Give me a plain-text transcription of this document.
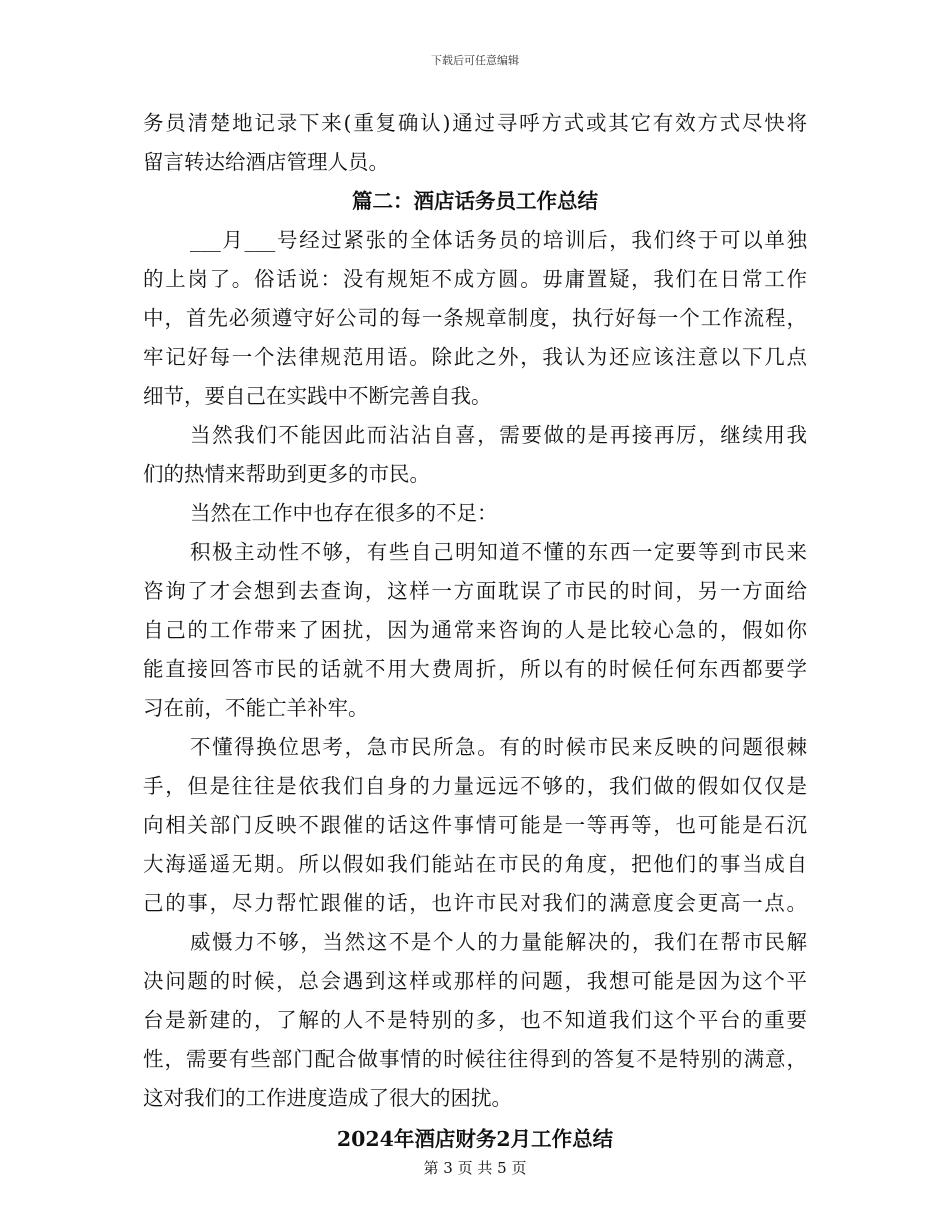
下载后可任意编辑
务员清楚地记录下来(重复确认)通过寻呼方式或其它有效方式尽快将
留言转达给酒店管理人员。
篇二：酒店话务员工作总结
___月___号经过紧张的全体话务员的培训后，我们终于可以单独
的上岗了。俗话说：没有规矩不成方圆。毋庸置疑，我们在日常工作
中，首先必须遵守好公司的每一条规章制度，执行好每一个工作流程，
牢记好每一个法律规范用语。除此之外，我认为还应该注意以下几点
细节，要自己在实践中不断完善自我。
当然我们不能因此而沾沾自喜，需要做的是再接再厉，继续用我
们的热情来帮助到更多的市民。
当然在工作中也存在很多的不足：
积极主动性不够，有些自己明知道不懂的东西一定要等到市民来
咨询了才会想到去查询，这样一方面耽误了市民的时间，另一方面给
自己的工作带来了困扰，因为通常来咨询的人是比较心急的，假如你
能直接回答市民的话就不用大费周折，所以有的时候任何东西都要学
习在前，不能亡羊补牢。
不懂得换位思考，急市民所急。有的时候市民来反映的问题很棘
手，但是往往是依我们自身的力量远远不够的，我们做的假如仅仅是
向相关部门反映不跟催的话这件事情可能是一等再等，也可能是石沉
大海遥遥无期。所以假如我们能站在市民的角度，把他们的事当成自
己的事，尽力帮忙跟催的话，也许市民对我们的满意度会更高一点。
威慑力不够，当然这不是个人的力量能解决的，我们在帮市民解
决问题的时候，总会遇到这样或那样的问题，我想可能是因为这个平
台是新建的，了解的人不是特别的多，也不知道我们这个平台的重要
性，需要有些部门配合做事情的时候往往得到的答复不是特别的满意，
这对我们的工作进度造成了很大的困扰。
2024年酒店财务2月工作总结
第 3 页 共 5 页
